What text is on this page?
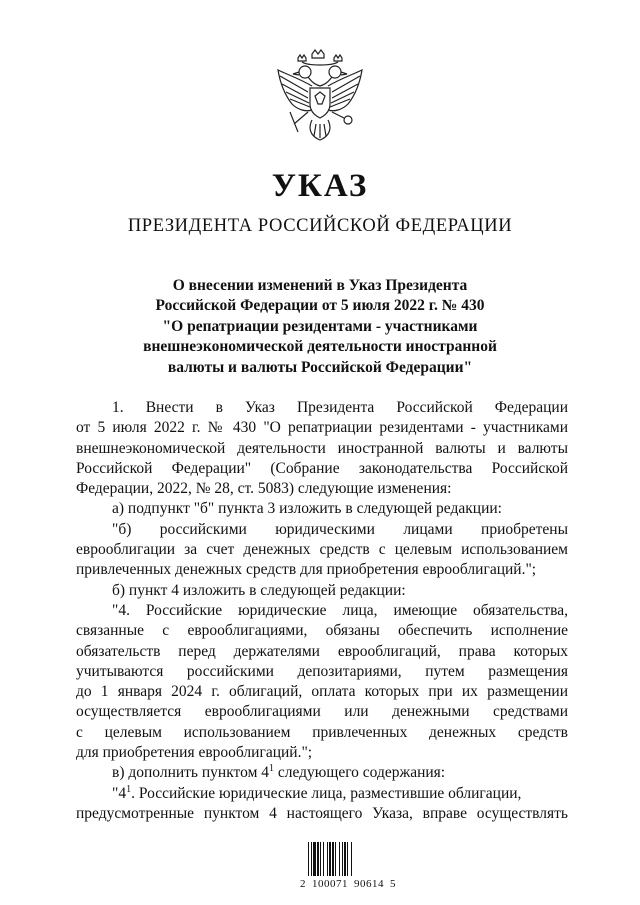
УКАЗ
ПРЕЗИДЕНТА РОССИЙСКОЙ ФЕДЕРАЦИИ
О внесении изменений в Указ Президента
Российской Федерации от 5 июля 2022 г. № 430
"О репатриации резидентами - участниками
внешнеэкономической деятельности иностранной
валюты и валюты Российской Федерации"
1. Внести в Указ Президента Российской Федерации
от 5 июля 2022 г. № 430 "О репатриации резидентами - участниками
внешнеэкономической деятельности иностранной валюты и валюты
Российской Федерации" (Собрание законодательства Российской
Федерации, 2022, № 28, ст. 5083) следующие изменения:
а) подпункт "б" пункта 3 изложить в следующей редакции:
"б) российскими юридическими лицами приобретены
еврооблигации за счет денежных средств с целевым использованием
привлеченных денежных средств для приобретения еврооблигаций.";
б) пункт 4 изложить в следующей редакции:
"4. Российские юридические лица, имеющие обязательства,
связанные с еврооблигациями, обязаны обеспечить исполнение
обязательств перед держателями еврооблигаций, права которых
учитываются российскими депозитариями, путем размещения
до 1 января 2024 г. облигаций, оплата которых при их размещении
осуществляется еврооблигациями или денежными средствами
с целевым использованием привлеченных денежных средств
для приобретения еврооблигаций.";
в) дополнить пунктом $4^1$ следующего содержания:
"$4^1$. Российские юридические лица, разместившие облигации,
предусмотренные пунктом 4 настоящего Указа, вправе осуществлять
2 100071 90614 5
